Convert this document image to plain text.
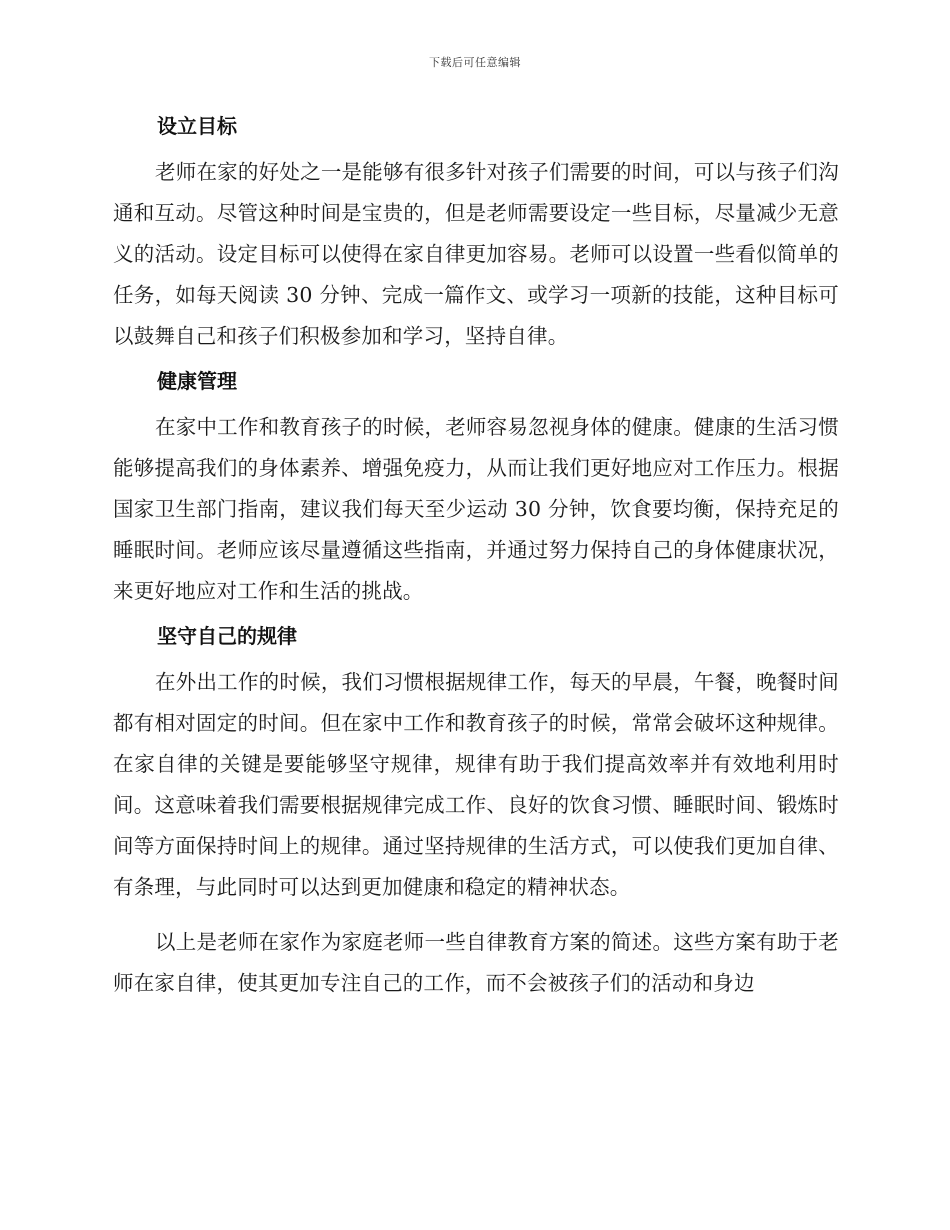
下载后可任意编辑
设立目标

老师在家的好处之一是能够有很多针对孩子们需要的时间，可以与孩子们沟通和互动。尽管这种时间是宝贵的，但是老师需要设定一些目标，尽量减少无意义的活动。设定目标可以使得在家自律更加容易。老师可以设置一些看似简单的任务，如每天阅读 30 分钟、完成一篇作文、或学习一项新的技能，这种目标可以鼓舞自己和孩子们积极参加和学习，坚持自律。

健康管理

在家中工作和教育孩子的时候，老师容易忽视身体的健康。健康的生活习惯能够提高我们的身体素养、增强免疫力，从而让我们更好地应对工作压力。根据国家卫生部门指南，建议我们每天至少运动 30 分钟，饮食要均衡，保持充足的睡眠时间。老师应该尽量遵循这些指南，并通过努力保持自己的身体健康状况，来更好地应对工作和生活的挑战。

坚守自己的规律

在外出工作的时候，我们习惯根据规律工作，每天的早晨，午餐，晚餐时间都有相对固定的时间。但在家中工作和教育孩子的时候，常常会破坏这种规律。在家自律的关键是要能够坚守规律，规律有助于我们提高效率并有效地利用时间。这意味着我们需要根据规律完成工作、良好的饮食习惯、睡眠时间、锻炼时间等方面保持时间上的规律。通过坚持规律的生活方式，可以使我们更加自律、有条理，与此同时可以达到更加健康和稳定的精神状态。

以上是老师在家作为家庭老师一些自律教育方案的简述。这些方案有助于老师在家自律，使其更加专注自己的工作，而不会被孩子们的活动和身边
